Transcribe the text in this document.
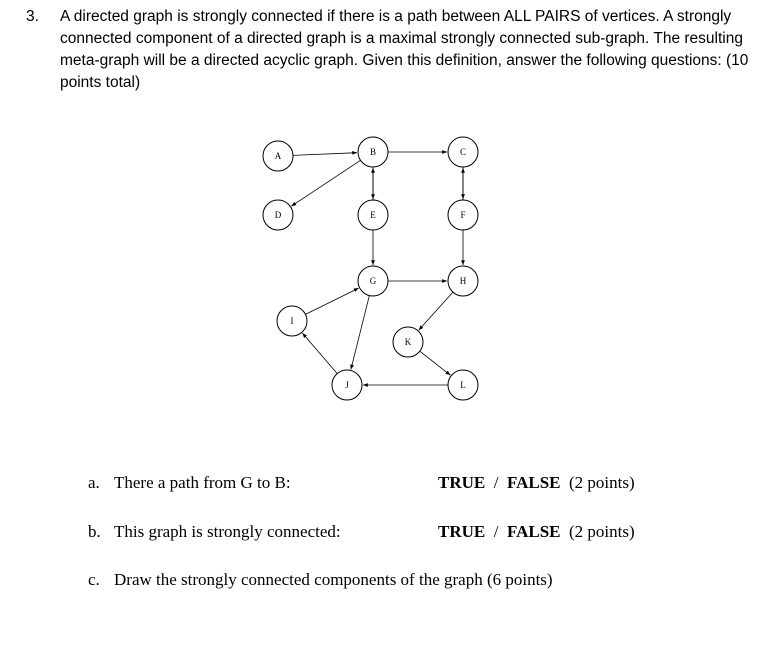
3. A directed graph is strongly connected if there is a path between ALL PAIRS of vertices. A strongly connected component of a directed graph is a maximal strongly connected sub-graph. The resulting meta-graph will be a directed acyclic graph. Given this definition, answer the following questions: (10 points total)
A	B	C
D	E	F
G	H
I
K
J	L
a. There a path from G to B:	TRUE / FALSE (2 points)
b. This graph is strongly connected:	TRUE / FALSE (2 points)
c. Draw the strongly connected components of the graph (6 points)
